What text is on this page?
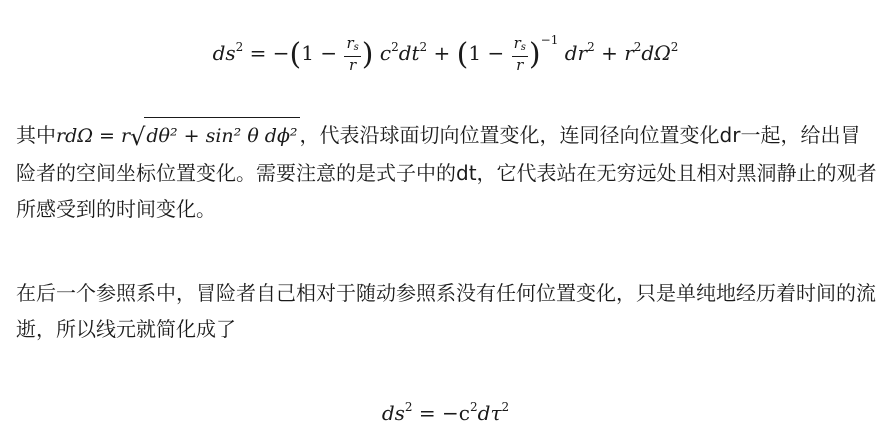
$ds^2 = -(1 - \frac{r_s}{r}$ ) $c^2dt^2 + (1 - \frac{r_s}{r} )^{-1}$ $dr^2 + r^2d\Omega^2$

其中rdΩ = r√dθ² + sin² θ dϕ² ，代表沿球面切向位置变化，连同径向位置变化dr一起，给出冒险者的空间坐标位置变化。需要注意的是式子中的dt，它代表站在无穷远处且相对黑洞静止的观者所感受到的时间变化。

在后一个参照系中，冒险者自己相对于随动参照系没有任何位置变化，只是单纯地经历着时间的流逝，所以线元就简化成了

$ds^2 = -c^2d\tau^2$
